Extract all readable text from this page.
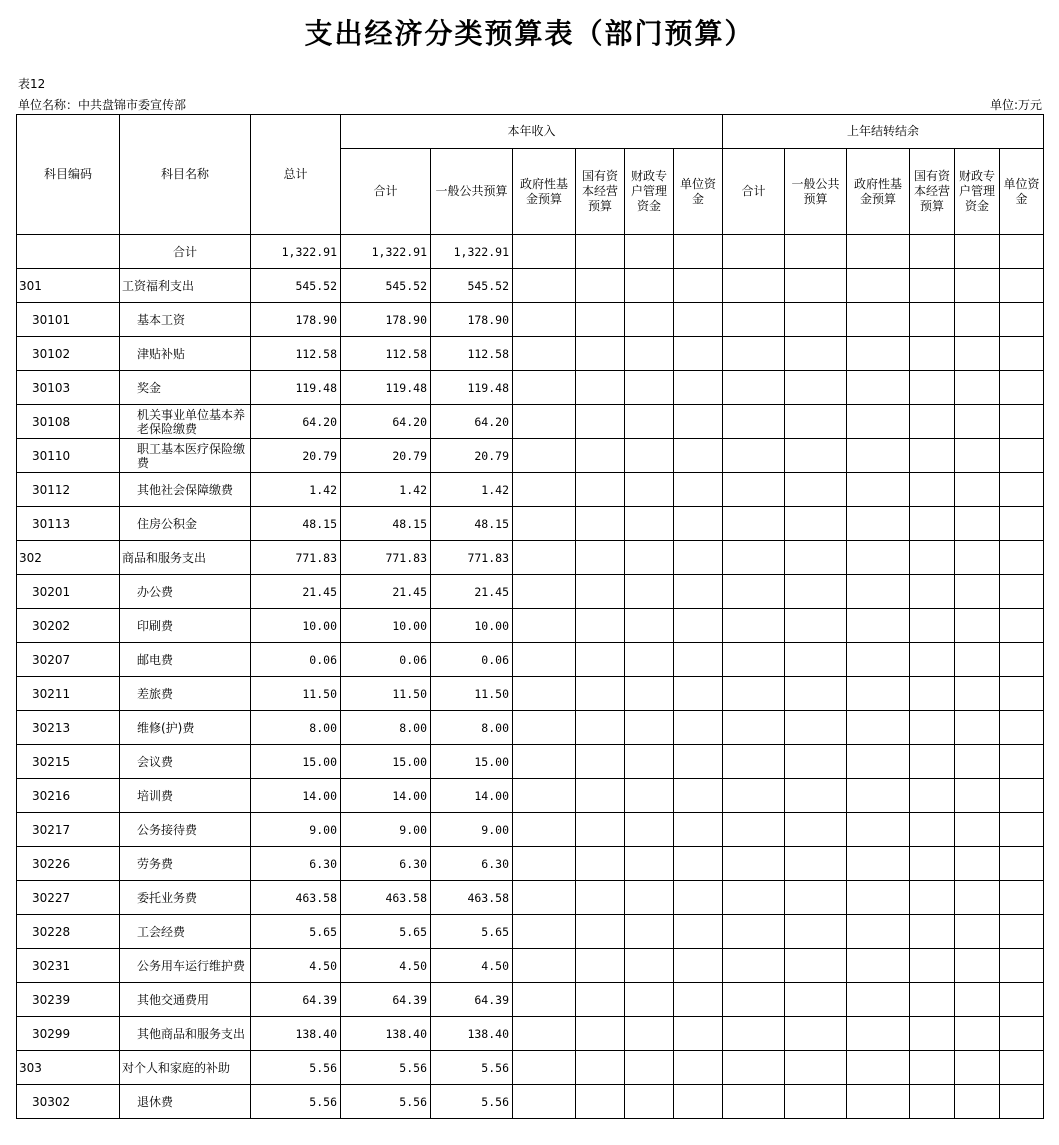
支出经济分类预算表（部门预算）
表12
单位名称：中共盘锦市委宣传部	单位:万元
科目编码	科目名称	总计	本年收入						上年结转结余					
			合计	一般公共预算	政府性基金预算	国有资本经营预算	财政专户管理资金	单位资金	合计	一般公共预算	政府性基金预算	国有资本经营预算	财政专户管理资金	单位资金
	合计	1,322.91	1,322.91	1,322.91										
301	工资福利支出	545.52	545.52	545.52										
30101	基本工资	178.90	178.90	178.90										
30102	津贴补贴	112.58	112.58	112.58										
30103	奖金	119.48	119.48	119.48										
30108	机关事业单位基本养老保险缴费	64.20	64.20	64.20										
30110	职工基本医疗保险缴费	20.79	20.79	20.79										
30112	其他社会保障缴费	1.42	1.42	1.42										
30113	住房公积金	48.15	48.15	48.15										
302	商品和服务支出	771.83	771.83	771.83										
30201	办公费	21.45	21.45	21.45										
30202	印刷费	10.00	10.00	10.00										
30207	邮电费	0.06	0.06	0.06										
30211	差旅费	11.50	11.50	11.50										
30213	维修(护)费	8.00	8.00	8.00										
30215	会议费	15.00	15.00	15.00										
30216	培训费	14.00	14.00	14.00										
30217	公务接待费	9.00	9.00	9.00										
30226	劳务费	6.30	6.30	6.30										
30227	委托业务费	463.58	463.58	463.58										
30228	工会经费	5.65	5.65	5.65										
30231	公务用车运行维护费	4.50	4.50	4.50										
30239	其他交通费用	64.39	64.39	64.39										
30299	其他商品和服务支出	138.40	138.40	138.40										
303	对个人和家庭的补助	5.56	5.56	5.56										
30302	退休费	5.56	5.56	5.56										
